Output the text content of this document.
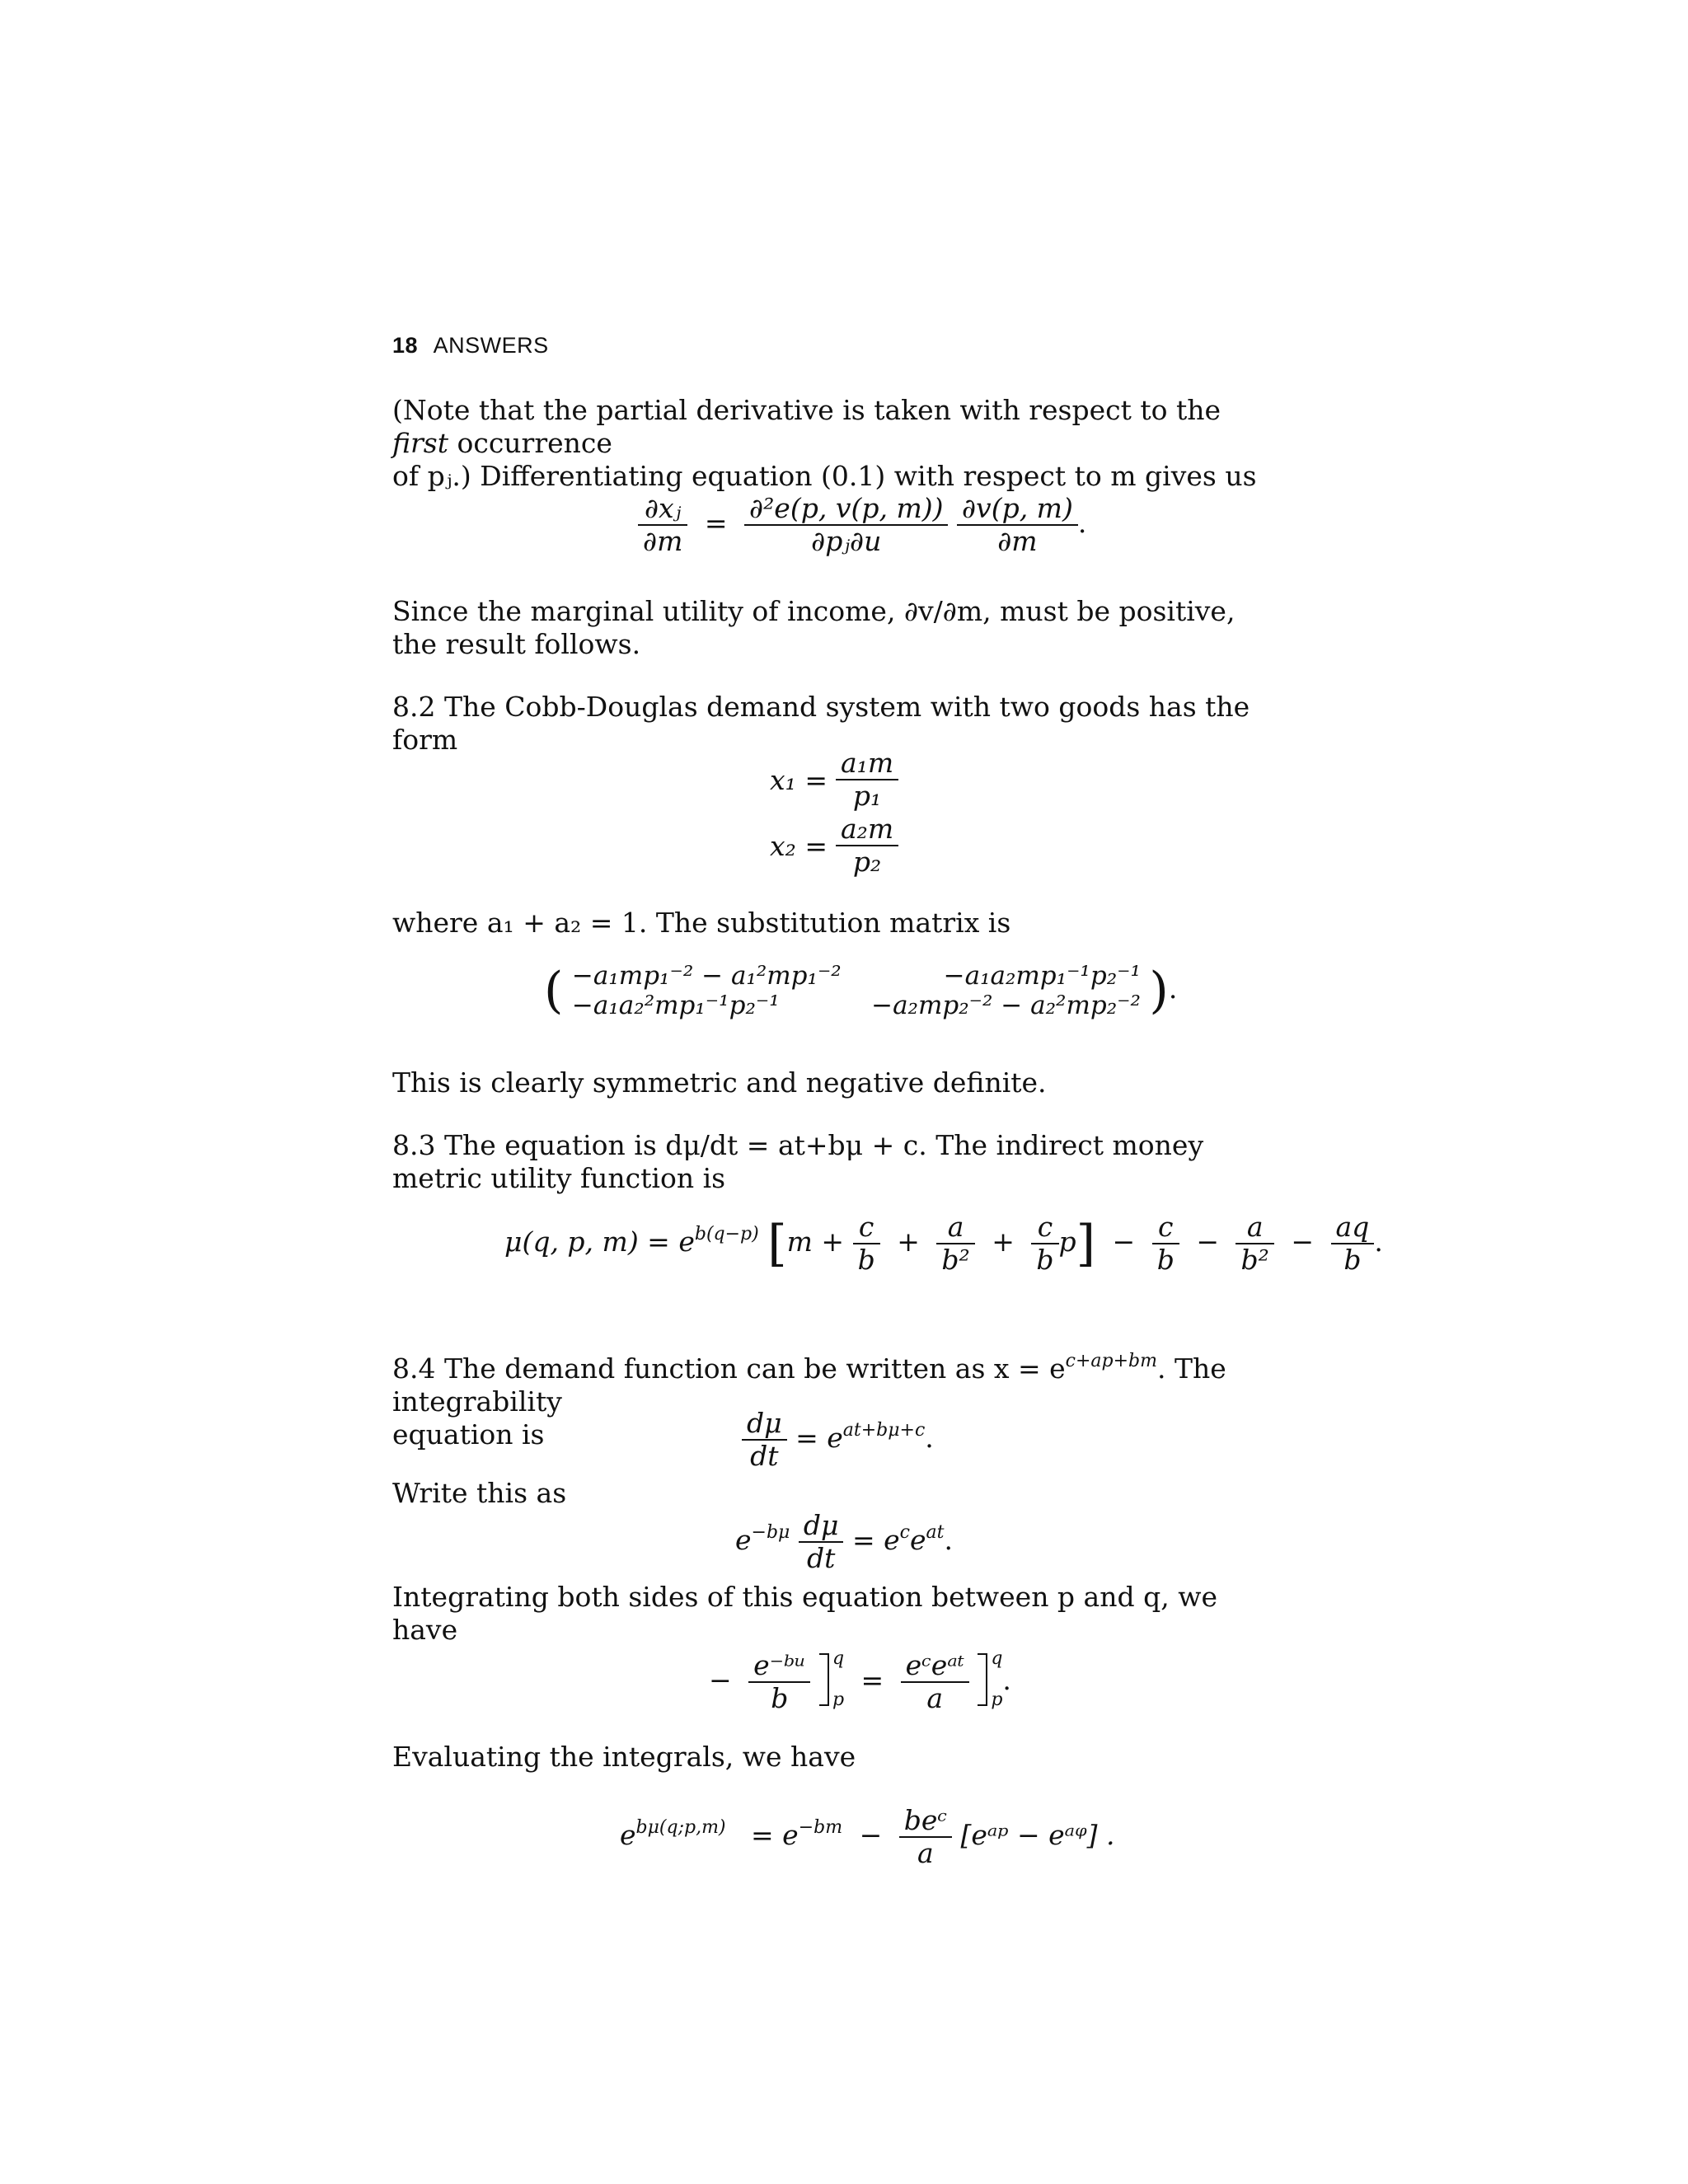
18 ANSWERS
(Note that the partial derivative is taken with respect to the first occurrence
of pⱼ.) Differentiating equation (0.1) with respect to m gives us
$\frac{\text{∂xⱼ}}{\partial m} = \frac{\text{∂²e(p, v(p, m))}}{\text{∂pⱼ∂u}}$
$\frac{\partial v(p, m)}{\partial m}$ .
Since the marginal utility of income, ∂v/∂m, must be positive, the result follows.
8.2 The Cobb-Douglas demand system with two goods has the form
$x_1 = \frac{\text{a₁m}}{\text{p₁}}$
$x_2 = \frac{\text{a₂m}}{\text{p₂}}$
where a₁ + a₂ = 1. The substitution matrix is
( −a₁mp₁⁻² − a₁²mp₁⁻²	−a₁a₂mp₁⁻¹p₂⁻¹
−a₁a₂²mp₁⁻¹p₂⁻¹	−a₂mp₂⁻² − a₂²mp₂⁻² ).
This is clearly symmetric and negative definite.
8.3 The equation is dμ/dt = at+bμ + c. The indirect money metric utility function is
μ(q, p, $m) = e^{b(q-p)}$ $[m + \frac{c}{b} + \frac{a}{\text{b²}} + \frac{c}{b} p] - \frac{c}{b} - \frac{a}{\text{b²}} - \frac{aq}{b}$ .
8.4 The demand function can be written as $x = e^{c+ap+bm}$. The integrability
equation is	$\frac{d\mu}{dt} = e^{at+b\mu+c}$.
Write this as
$e^{-b\mu} \frac{d\mu}{dt} = e^ce^{at}$.
Integrating both sides of this equation between p and q, we have
− $\frac{\text{e⁻ᵇᵘ}}{b}$
q
p
= $\frac{\text{eᶜeᵃᵗ}}{a}$
q
p
.
Evaluating the integrals, we have
$e^{b\mu(q;p,m)} = e^{-bm} - \frac{\text{beᶜ}}{a}$ [eᵃᵖ − eᵃᵠ] .
